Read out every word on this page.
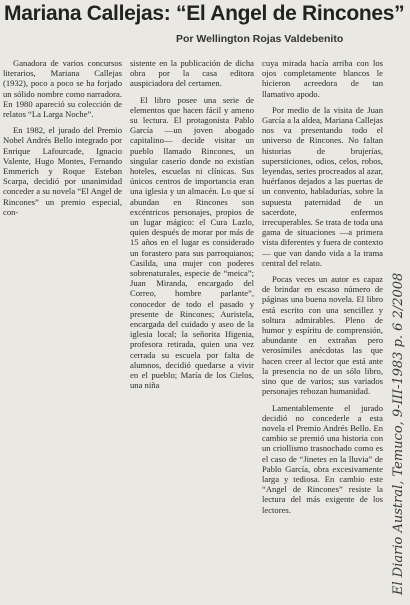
Mariana Callejas: “El Angel de Rincones”
Por Wellington Rojas Valdebenito

Ganadora de varios concursos literarios, Mariana Callejas (1932), poco a poco se ha forjado un sólido nombre como narradora. En 1980 apareció su colección de relatos “La Larga Noche”.

En 1982, el jurado del Premio Nobel Andrés Bello integrado por Enrique Lafourcade, Ignacio Valente, Hugo Montes, Fernando Emmerich y Roque Esteban Scarpa, decidió por unanimidad conceder a su novela “El Angel de Rincones” un premio especial, con-

sistente en la publicación de dicha obra por la casa editora auspiciadora del certamen.

El libro posee una serie de elementos que hacen fácil y ameno su lectura. El protagonista Pablo García —un joven abogado capitalino— decide visitar un pueblo llamado Rincones, un singular caserío donde no existían hoteles, escuelas ni clínicas. Sus únicos centros de importancia eran una iglesia y un almacén. Lo que sí abundan en Rincones son excéntricos personajes, propios de un lugar mágico: el Cura Lazlo, quien después de morar por más de 15 años en el lugar es considerado un forastero para sus parroquianos; Casilda, una mujer con poderes sobrenaturales, especie de “meica”; Juan Miranda, encargado del Correo, hombre parlante”, conocedor de todo el pasado y presente de Rincones; Auristela, encargada del cuidado y aseo de la iglesia local; la señorita Ifigenia, profesora retirada, quien una vez cerrada su escuela por falta de alumnos, decidió quedarse a vivir en el pueblo; María de los Cielos, una niña

cuya mirada hacía arriba con los ojos completamente blancos le hicieron acreedora de tan llamativo apodo.

Por medio de la visita de Juan García a la aldea, Mariana Callejas nos va presentando todo el universo de Rincones. No faltan historias de brujerías, supersticiones, odios, celos, robos, leyendas, series procreados al azar, huérfanos dejados a las puertas de un convento, habladurías, sobre la supuesta paternidad de un sacerdote, enfermos irrecuperables. Se trata de toda una gama de situaciones —a primera vista diferentes y fuera de contexto— que van dando vida a la trama central del relato.

Pocas veces un autor es capaz de brindar en escaso número de páginas una buena novela. El libro está escrito con una sencillez y soltura admirables. Pleno de humor y espíritu de comprensión, abundante en extrañas pero verosímiles anécdotas las que hacen creer al lector que está ante la presencia no de un sólo libro, sino que de varios; sus variados personajes rebozan humanidad.

Lamentablemente el jurado decidió no concederle a esta novela el Premio Andrés Bello. En cambio se premió una historia con un criollismo trasnochado como es el caso de “Jinetes en la lluvia” de Pablo García, obra excesivamente larga y tediosa. En cambio este “Angel de Rincones” resiste la lectura del más exigente de los lectores.	El Diario Austral, Temuco, 9-III-1983 p. 6 2/2008
